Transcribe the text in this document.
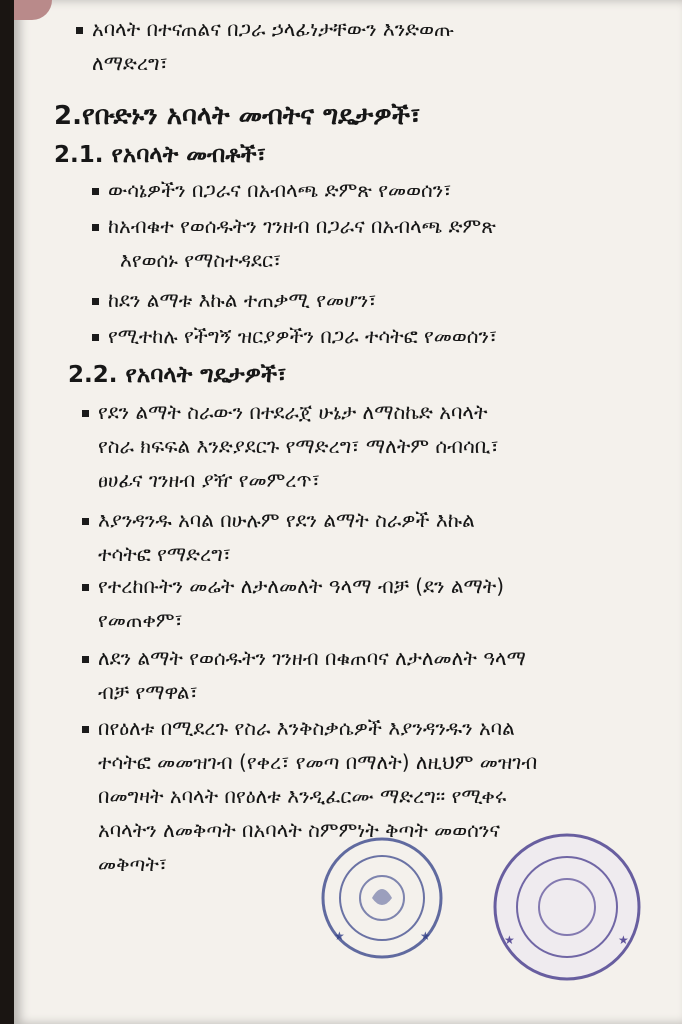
አባላት በተናጠልና በጋራ ኃላፊነታቸውን እንድወጡ
ለማድረግ፣
2.የቡድኑን አባላት መብትና ግዴታዎች፣
2.1. የአባላት መብቶች፣
ውሳኔዎችን በጋራና በአብላጫ ድምጽ የመወሰን፣
ከአብቁተ የወሰዱትን ገንዘብ በጋራና በአብላጫ ድምጽ
እየወሰኑ የማስተዳደር፣
ከደን ልማቱ እኩል ተጠቃሚ የመሆን፣
የሚተከሉ የችግኝ ዝርያዎችን በጋራ ተሳትፎ የመወሰን፣
2.2. የአባላት ግዴታዎች፣
የደን ልማት ስራውን በተደራጀ ሁኔታ ለማስኬድ አባላት
የስራ ክፍፍል እንድያደርጉ የማድረግ፣ ማለትም ሰብሳቢ፣
ፀሀፊና ገንዘብ ያዥ የመምረጥ፣
እያንዳንዱ አባል በሁሉም የደን ልማት ስራዎች እኩል
ተሳትፎ የማድረግ፣
የተረከቡትን መሬት ለታለመለት ዓላማ ብቻ (ደን ልማት)
የመጠቀም፣
ለደን ልማት የወሰዱትን ገንዘብ በቁጠባና ለታለመለት ዓላማ
ብቻ የማዋል፣
በየዕለቱ በሚደረጉ የስራ እንቅስቃሴዎች እያንዳንዱን አባል
ተሳትፎ መመዝገብ (የቀረ፣ የመጣ በማለት) ለዚህም መዝገብ
በመግዛት አባላት በየዕለቱ እንዲፈርሙ ማድረግ፡፡ የሚቀሩ
አባላትን ለመቅጣት በአባላት ስምምነት ቅጣት መወሰንና
መቅጣት፣
★	★	★	★
